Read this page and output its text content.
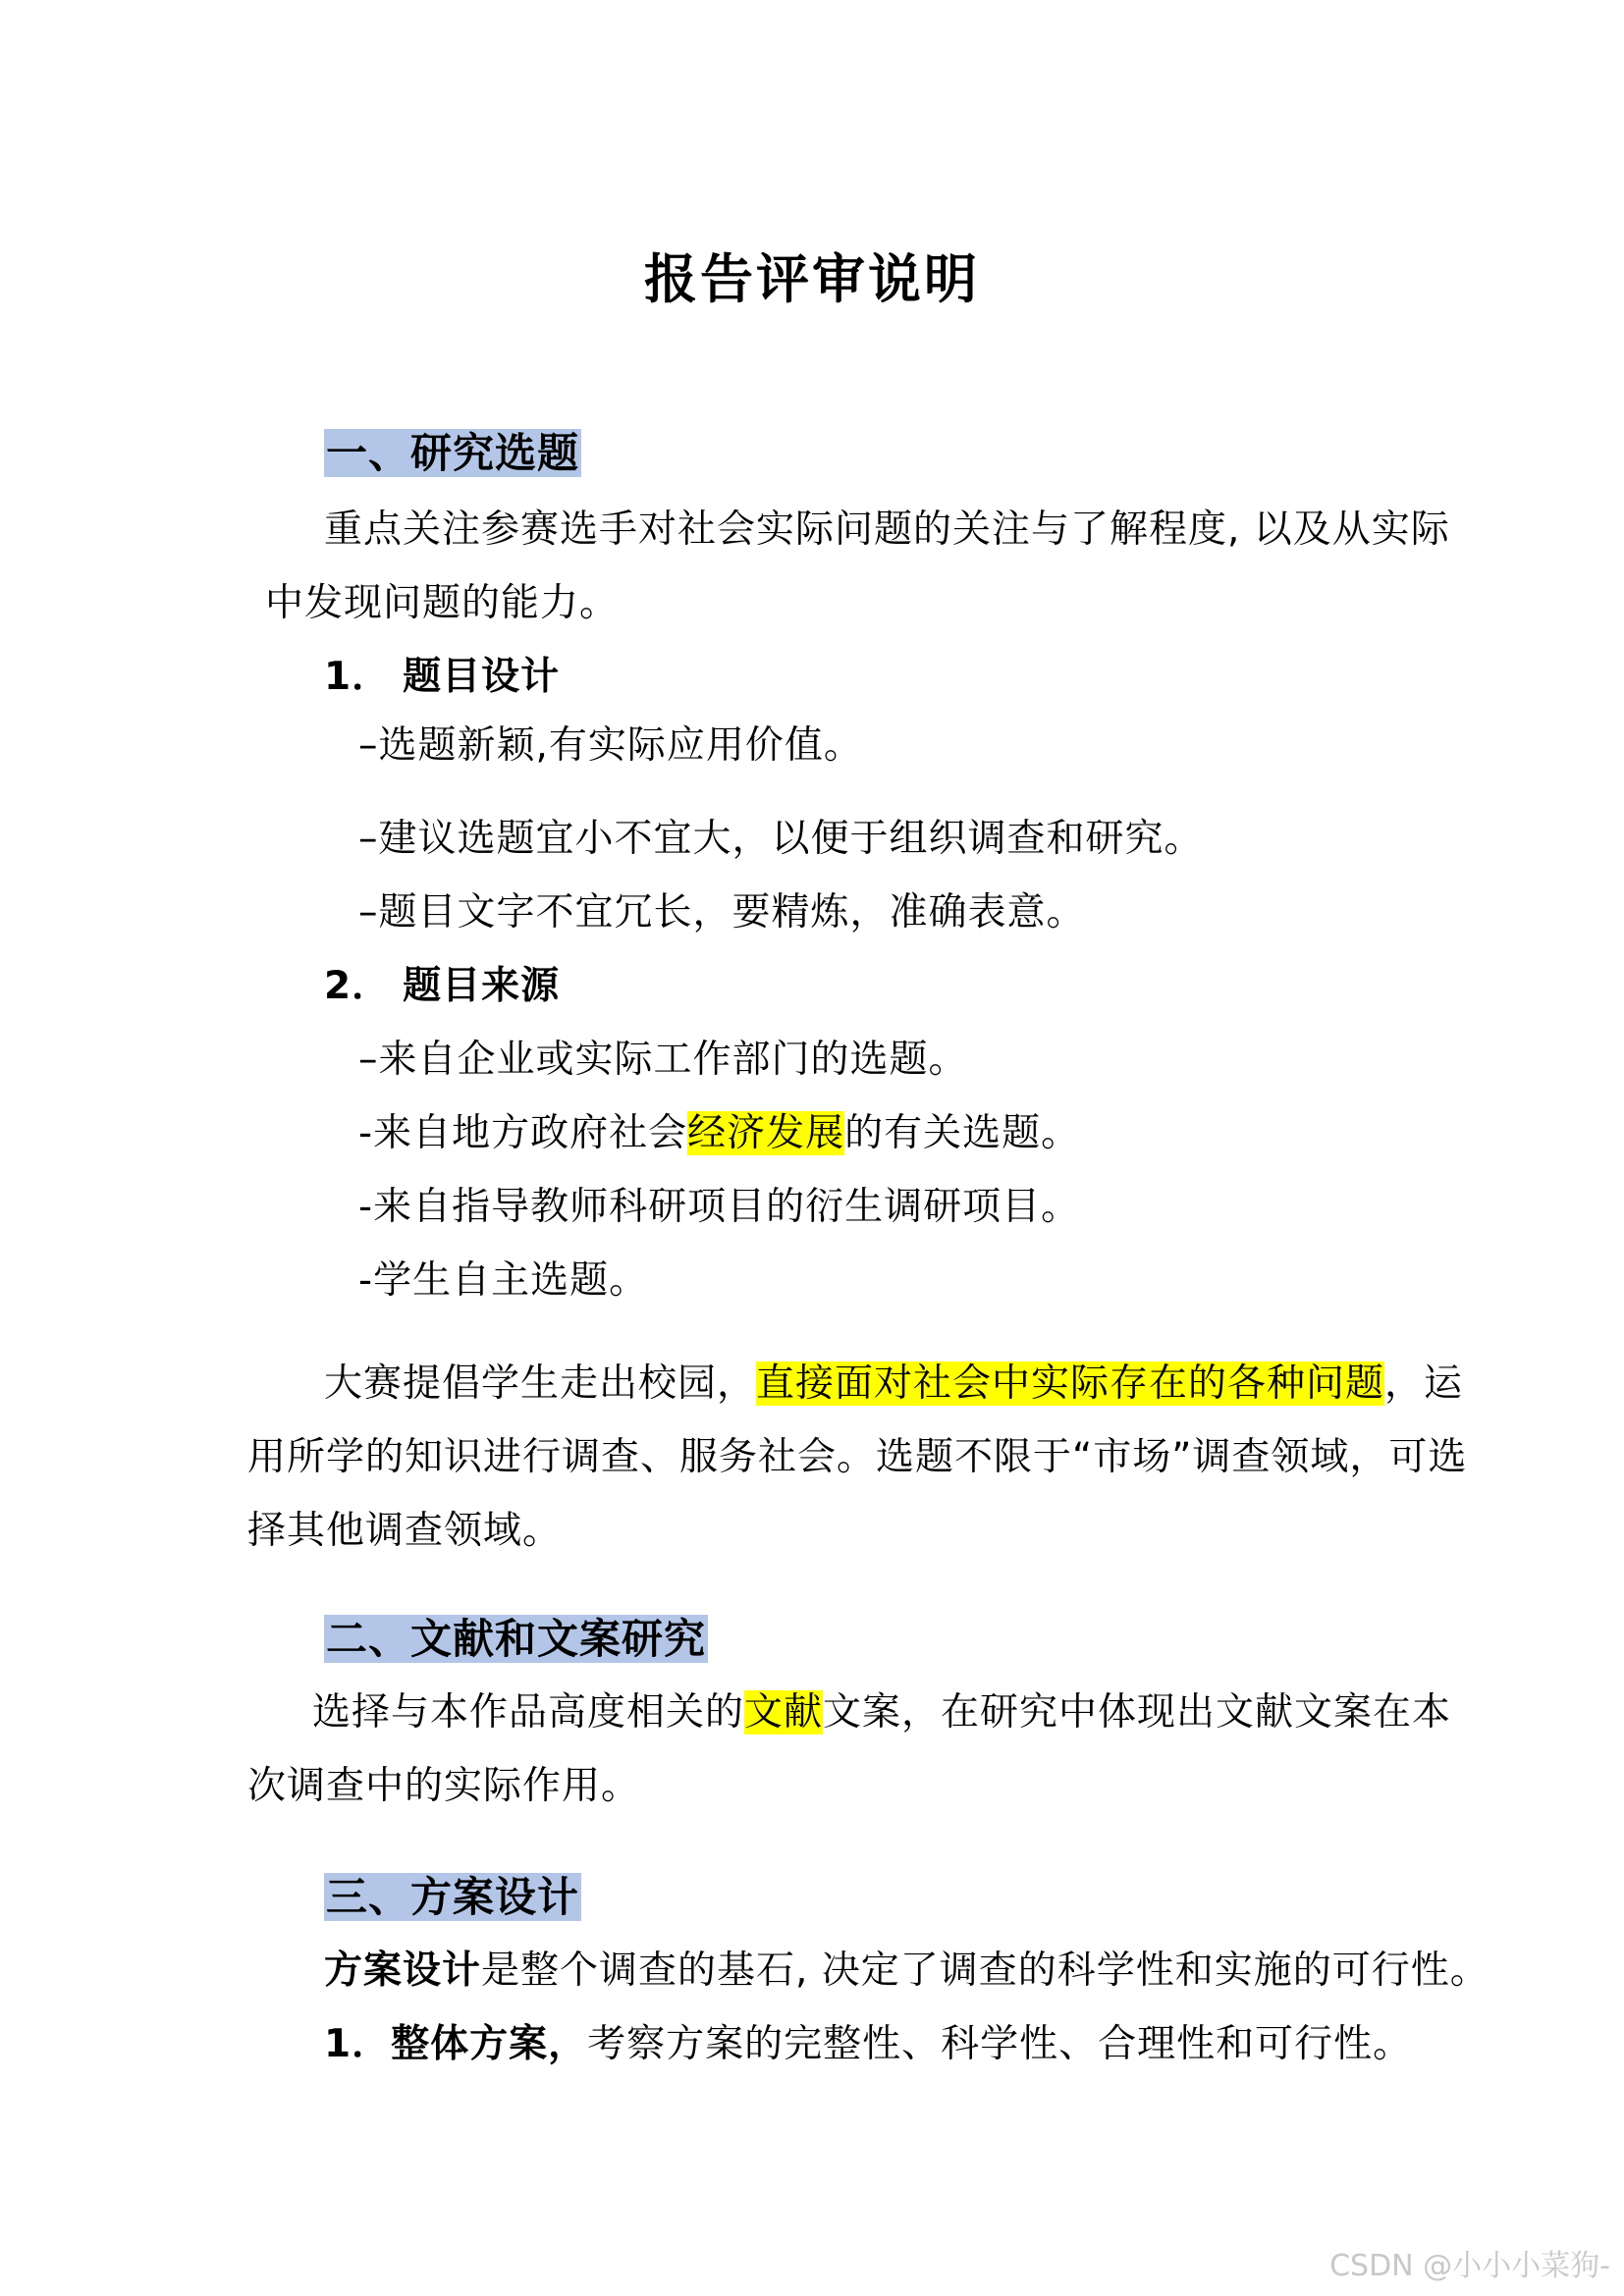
报告评审说明
一、研究选题
重点关注参赛选手对社会实际问题的关注与了解程度, 以及从实际
中发现问题的能力。
1． 题目设计
–选题新颖,有实际应用价值。
–建议选题宜小不宜大，以便于组织调查和研究。
–题目文字不宜冗长，要精炼，准确表意。
2． 题目来源
–来自企业或实际工作部门的选题。
-来自地方政府社会经济发展的有关选题。
-来自指导教师科研项目的衍生调研项目。
-学生自主选题。
大赛提倡学生走出校园，直接面对社会中实际存在的各种问题，运
用所学的知识进行调查、服务社会。选题不限于“市场”调查领域，可选
择其他调查领域。
二、文献和文案研究
选择与本作品高度相关的文献文案，在研究中体现出文献文案在本
次调查中的实际作用。
三、方案设计
方案设计是整个调查的基石, 决定了调查的科学性和实施的可行性。
1．整体方案，考察方案的完整性、科学性、合理性和可行性。
CSDN @小小小菜狗-
